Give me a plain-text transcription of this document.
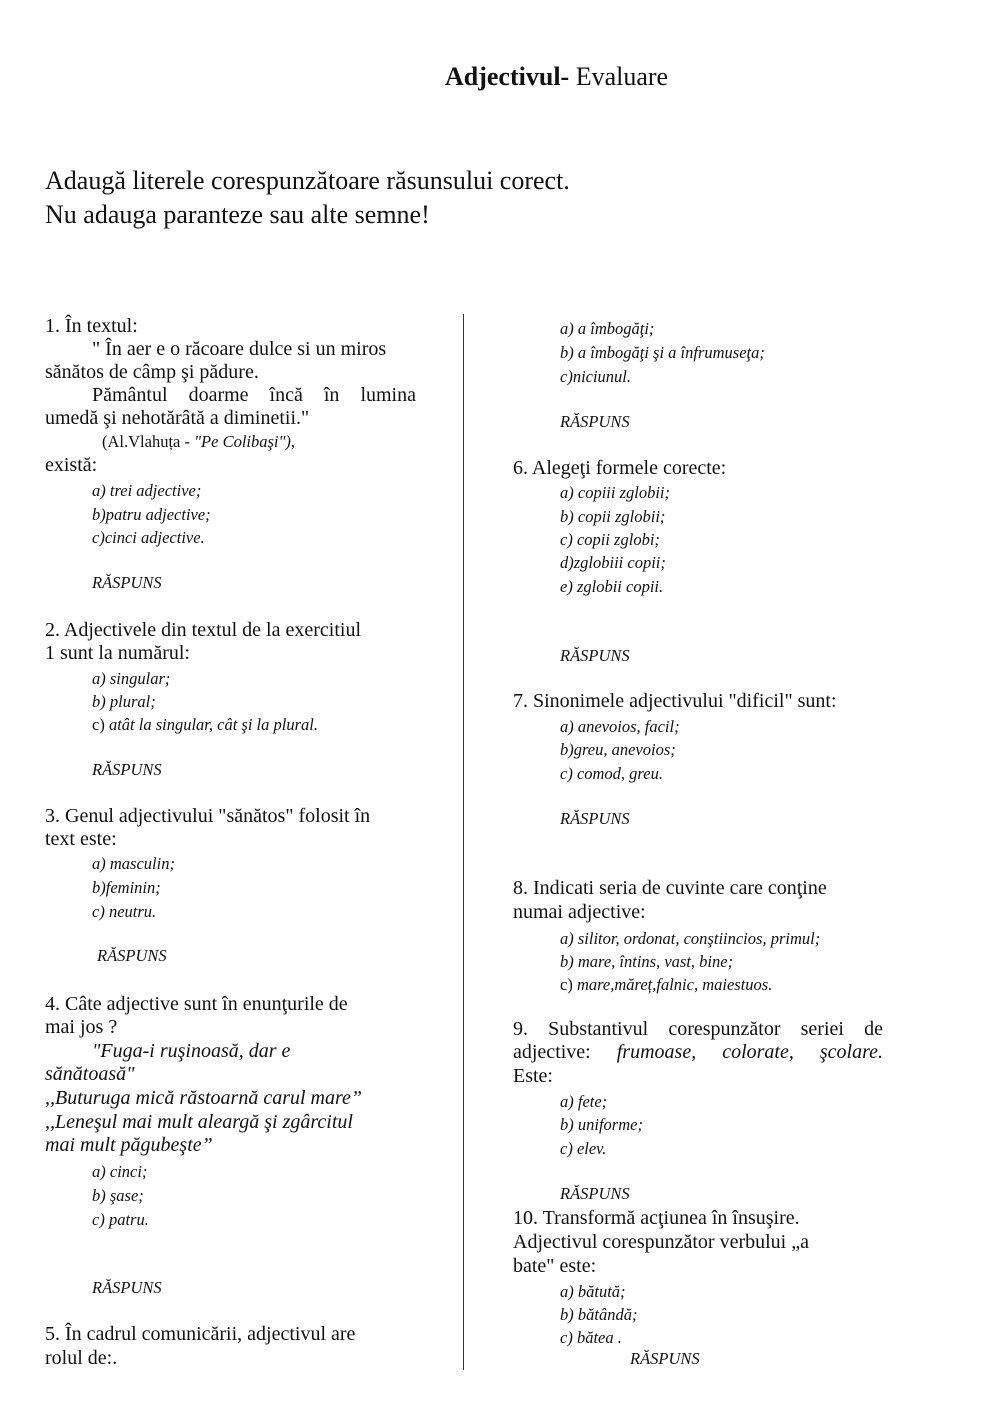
Adjectivul- Evaluare
Adaugă literele corespunzătoare răsunsului corect.
Nu adauga paranteze sau alte semne!
1. În textul:
" În aer e o răcoare dulce si un miros
sănătos de câmp şi pădure.
Pământul doarme încă în lumina
umedă şi nehotărâtă a diminetii."
(Al.Vlahuța - "Pe Colibaşi"),
există:
a) trei adjective;
b)patru adjective;
c)cinci adjective.
RĂSPUNS
2. Adjectivele din textul de la exercitiul
1 sunt la numărul:
a) singular;
b) plural;
c) atât la singular, cât şi la plural.
RĂSPUNS
3. Genul adjectivului "sănătos" folosit în
text este:
a) masculin;
b)feminin;
c) neutru.
RĂSPUNS
4. Câte adjective sunt în enunţurile de
mai jos ?
"Fuga-i ruşinoasă, dar e
sănătoasă"
,,Buturuga mică răstoarnă carul mare”
,,Leneşul mai mult aleargă şi zgârcitul
mai mult păgubeşte”
a) cinci;
b) şase;
c) patru.
RĂSPUNS
5. În cadrul comunicării, adjectivul are
rolul de:.
a) a îmbogăţi;
b) a îmbogăţi şi a înfrumuseţa;
c)niciunul.
RĂSPUNS
6. Alegeţi formele corecte:
a) copiii zglobii;
b) copii zglobii;
c) copii zglobi;
d)zglobiii copii;
e) zglobii copii.
RĂSPUNS
7. Sinonimele adjectivului "dificil" sunt:
a) anevoios, facil;
b)greu, anevoios;
c) comod, greu.
RĂSPUNS
8. Indicati seria de cuvinte care conţine
numai adjective:
a) silitor, ordonat, conştiincios, primul;
b) mare, întins, vast, bine;
c) mare,măreț,falnic, maiestuos.
9. Substantivul corespunzător seriei de
adjective: frumoase, colorate, şcolare.
Este:
a) fete;
b) uniforme;
c) elev.
RĂSPUNS
10. Transformă acţiunea în însuşire.
Adjectivul corespunzător verbului „a
bate" este:
a) bătută;
b) bătândă;
c) bătea .
RĂSPUNS
